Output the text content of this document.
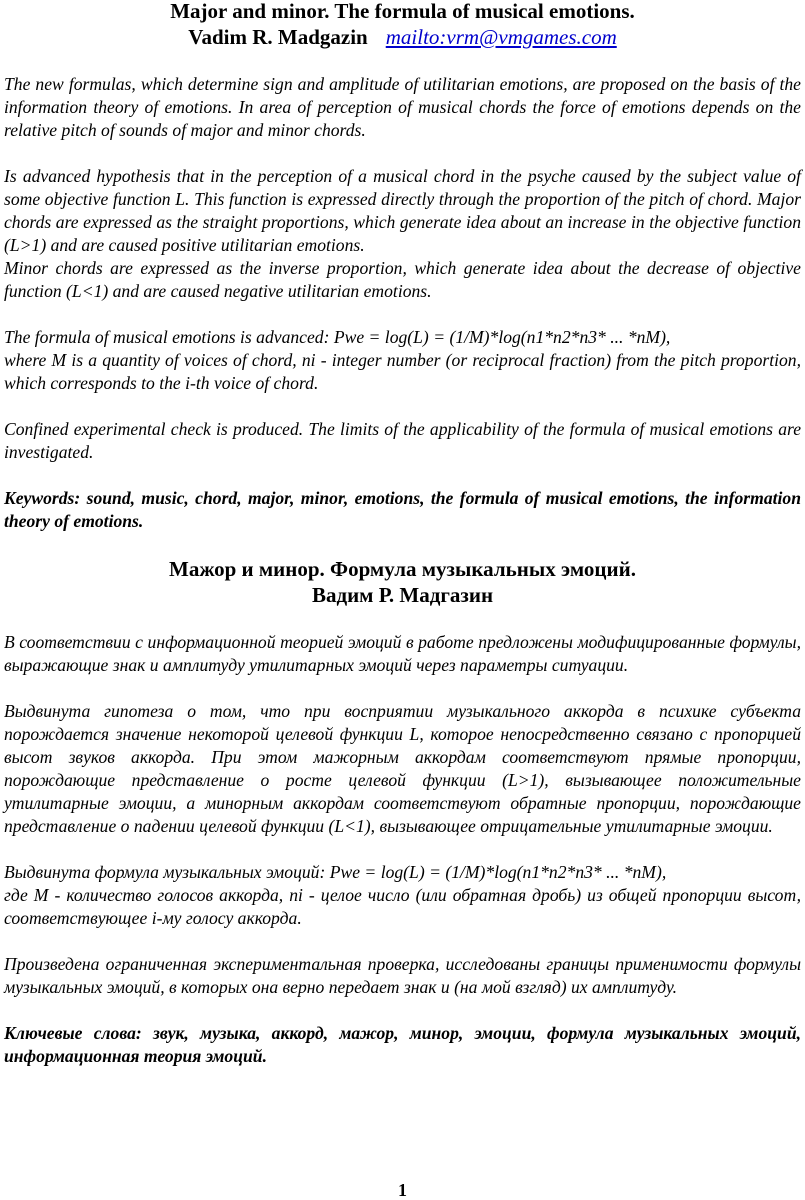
Major and minor. The formula of musical emotions.
Vadim R. Madgazin mailto:vrm@vmgames.com

The new formulas, which determine sign and amplitude of utilitarian emotions, are proposed on the basis of the information theory of emotions. In area of perception of musical chords the force of emotions depends on the relative pitch of sounds of major and minor chords.

Is advanced hypothesis that in the perception of a musical chord in the psyche caused by the subject value of some objective function L. This function is expressed directly through the proportion of the pitch of chord. Major chords are expressed as the straight proportions, which generate idea about an increase in the objective function (L>1) and are caused positive utilitarian emotions.

Minor chords are expressed as the inverse proportion, which generate idea about the decrease of objective function (L<1) and are caused negative utilitarian emotions.

The formula of musical emotions is advanced: Pwe = log(L) = (1/M)*log(n1*n2*n3* ... *nM),

where M is a quantity of voices of chord, ni - integer number (or reciprocal fraction) from the pitch proportion, which corresponds to the i-th voice of chord.

Confined experimental check is produced. The limits of the applicability of the formula of musical emotions are investigated.

Keywords: sound, music, chord, major, minor, emotions, the formula of musical emotions, the information theory of emotions.

Мажор и минор. Формула музыкальных эмоций.
Вадим Р. Мадгазин

В соответствии с информационной теорией эмоций в работе предложены модифицированные формулы, выражающие знак и амплитуду утилитарных эмоций через параметры ситуации.

Выдвинута гипотеза о том, что при восприятии музыкального аккорда в психике субъекта порождается значение некоторой целевой функции L, которое непосредственно связано с пропорцией высот звуков аккорда. При этом мажорным аккордам соответствуют прямые пропорции, порождающие представление о росте целевой функции (L>1), вызывающее положительные утилитарные эмоции, а минорным аккордам соответствуют обратные пропорции, порождающие представление о падении целевой функции (L<1), вызывающее отрицательные утилитарные эмоции.

Выдвинута формула музыкальных эмоций: Pwe = log(L) = (1/M)*log(n1*n2*n3* ... *nM),

где M - количество голосов аккорда, ni - целое число (или обратная дробь) из общей пропорции высот, соответствующее i-му голосу аккорда.

Произведена ограниченная экспериментальная проверка, исследованы границы применимости формулы музыкальных эмоций, в которых она верно передает знак и (на мой взгляд) их амплитуду.

Ключевые слова: звук, музыка, аккорд, мажор, минор, эмоции, формула музыкальных эмоций, информационная теория эмоций.

1
